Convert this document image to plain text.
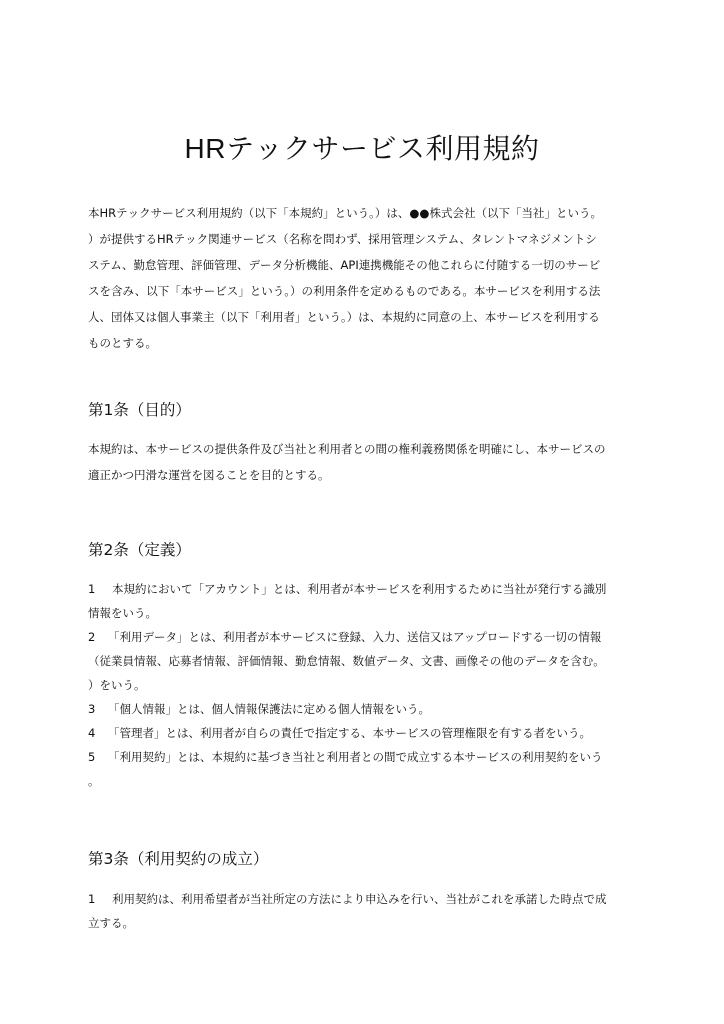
HRテックサービス利用規約
本HRテックサービス利用規約（以下「本規約」という。）は、●●株式会社（以下「当社」という。
）が提供するHRテック関連サービス（名称を問わず、採用管理システム、タレントマネジメントシ
ステム、勤怠管理、評価管理、データ分析機能、API連携機能その他これらに付随する一切のサービ
スを含み、以下「本サービス」という。）の利用条件を定めるものである。本サービスを利用する法
人、団体又は個人事業主（以下「利用者」という。）は、本規約に同意の上、本サービスを利用する
ものとする。
第1条（目的）
本規約は、本サービスの提供条件及び当社と利用者との間の権利義務関係を明確にし、本サービスの
適正かつ円滑な運営を図ることを目的とする。
第2条（定義）
1 本規約において「アカウント」とは、利用者が本サービスを利用するために当社が発行する識別
情報をいう。
2 「利用データ」とは、利用者が本サービスに登録、入力、送信又はアップロードする一切の情報
（従業員情報、応募者情報、評価情報、勤怠情報、数値データ、文書、画像その他のデータを含む。
）をいう。
3 「個人情報」とは、個人情報保護法に定める個人情報をいう。
4 「管理者」とは、利用者が自らの責任で指定する、本サービスの管理権限を有する者をいう。
5 「利用契約」とは、本規約に基づき当社と利用者との間で成立する本サービスの利用契約をいう
。
第3条（利用契約の成立）
1 利用契約は、利用希望者が当社所定の方法により申込みを行い、当社がこれを承諾した時点で成
立する。
